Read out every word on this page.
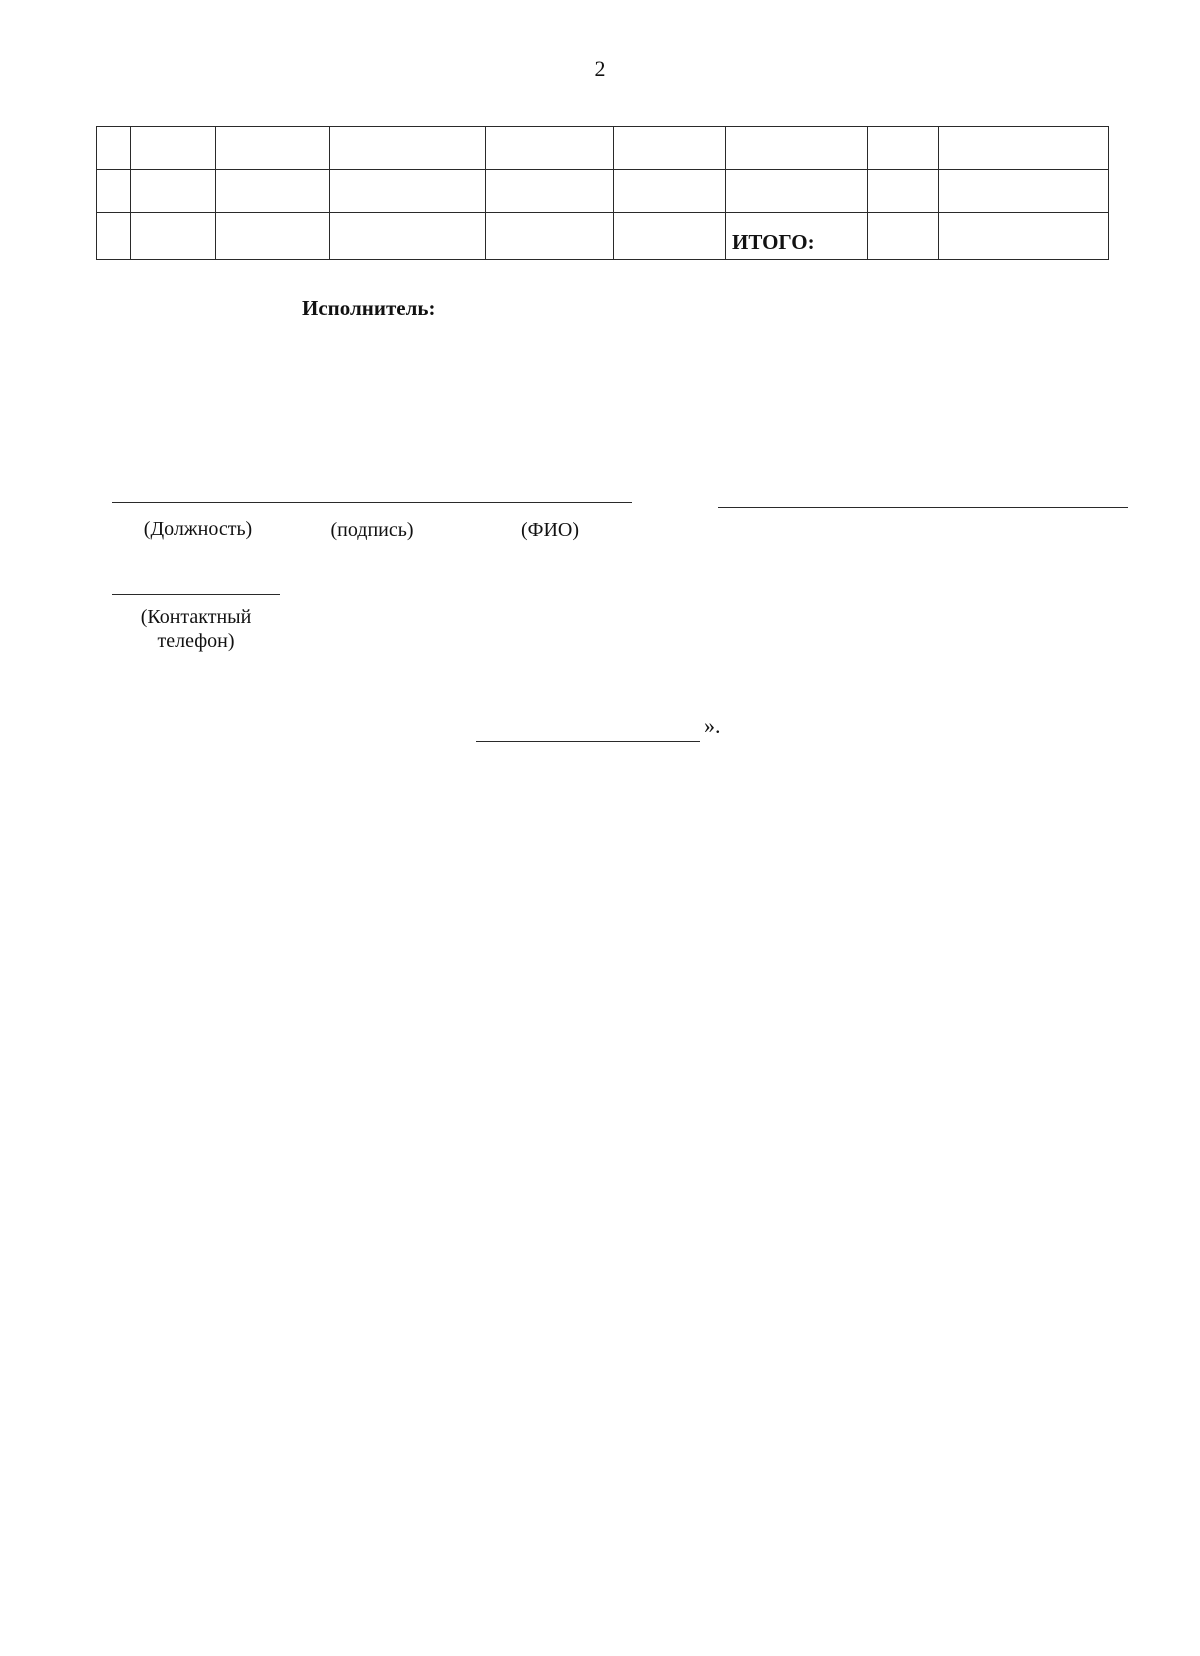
2

						ИТОГО:		
Исполнитель:
(Должность)	(подпись)	(ФИО)
(Контактный
телефон)
».
